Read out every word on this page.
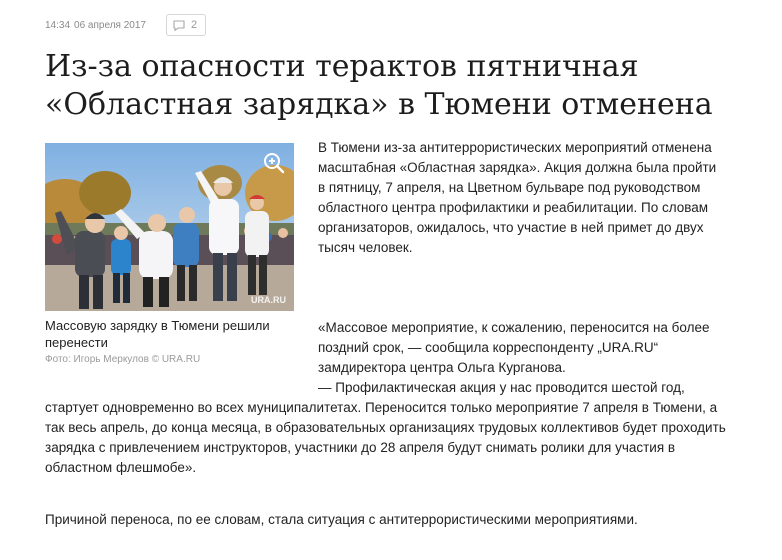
14:34 06 апреля 2017	2
Из-за опасности терактов пятничная
«Областная зарядка» в Тюмени отменена
URA.RU
Массовую зарядку в Тюмени решили перенести
Фото: Игорь Меркулов © URA.RU

В Тюмени из-за антитеррористических мероприятий отменена масштабная «Областная зарядка». Акция должна была пройти в пятницу, 7 апреля, на Цветном бульваре под руководством областного центра профилактики и реабилитации. По словам организаторов, ожидалось, что участие в ней примет до двух тысяч человек.

«Массовое мероприятие, к сожалению, переносится на более поздний срок, — сообщила корреспонденту „URA.RU“ замдиректора центра Ольга Курганова.

— Профилактическая акция у нас проводится шестой год, стартует одновременно во всех муниципалитетах. Переносится только мероприятие 7 апреля в Тюмени, а так весь апрель, до конца месяца, в образовательных организациях трудовых коллективов будет проходить зарядка с привлечением инструкторов, участники до 28 апреля будут снимать ролики для участия в областном флешмобе».

Причиной переноса, по ее словам, стала ситуация с антитеррористическими мероприятиями.
